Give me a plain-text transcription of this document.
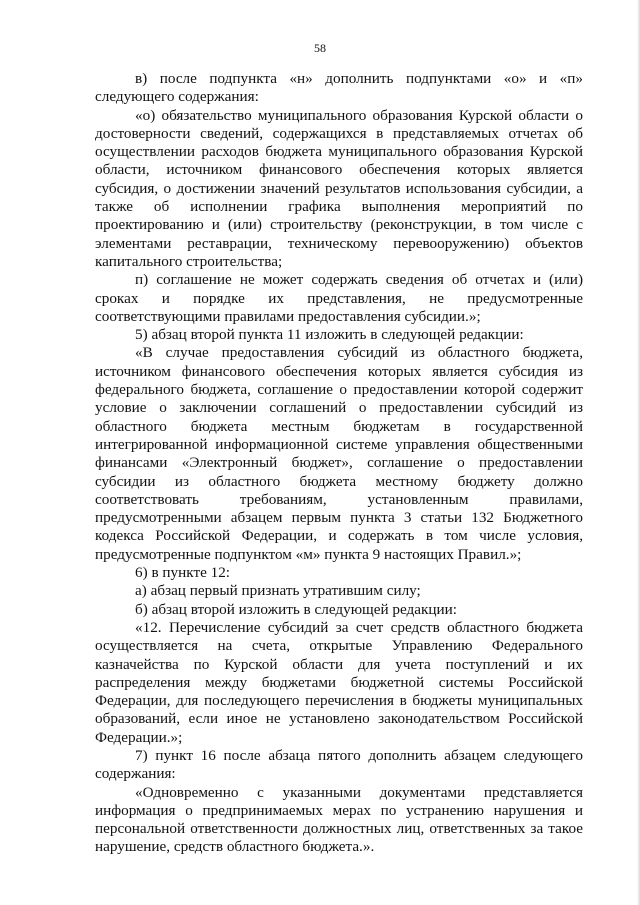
58

в) после подпункта «н» дополнить подпунктами «о» и «п» следующего содержания:

«о) обязательство муниципального образования Курской области о достоверности сведений, содержащихся в представляемых отчетах об осуществлении расходов бюджета муниципального образования Курской области, источником финансового обеспечения которых является субсидия, о достижении значений результатов использования субсидии, а также об исполнении графика выполнения мероприятий по проектированию и (или) строительству (реконструкции, в том числе с элементами реставрации, техническому перевооружению) объектов капитального строительства;

п) соглашение не может содержать сведения об отчетах и (или) сроках и порядке их представления, не предусмотренные соответствующими правилами предоставления субсидии.»;

5) абзац второй пункта 11 изложить в следующей редакции:

«В случае предоставления субсидий из областного бюджета, источником финансового обеспечения которых является субсидия из федерального бюджета, соглашение о предоставлении которой содержит условие о заключении соглашений о предоставлении субсидий из областного бюджета местным бюджетам в государственной интегрированной информационной системе управления общественными финансами «Электронный бюджет», соглашение о предоставлении субсидии из областного бюджета местному бюджету должно соответствовать требованиям, установленным правилами, предусмотренными абзацем первым пункта 3 статьи 132 Бюджетного кодекса Российской Федерации, и содержать в том числе условия, предусмотренные подпунктом «м» пункта 9 настоящих Правил.»;

6) в пункте 12:

а) абзац первый признать утратившим силу;

б) абзац второй изложить в следующей редакции:

«12. Перечисление субсидий за счет средств областного бюджета осуществляется на счета, открытые Управлению Федерального казначейства по Курской области для учета поступлений и их распределения между бюджетами бюджетной системы Российской Федерации, для последующего перечисления в бюджеты муниципальных образований, если иное не установлено законодательством Российской Федерации.»;

7) пункт 16 после абзаца пятого дополнить абзацем следующего содержания:

«Одновременно с указанными документами представляется информация о предпринимаемых мерах по устранению нарушения и персональной ответственности должностных лиц, ответственных за такое нарушение, средств областного бюджета.».
